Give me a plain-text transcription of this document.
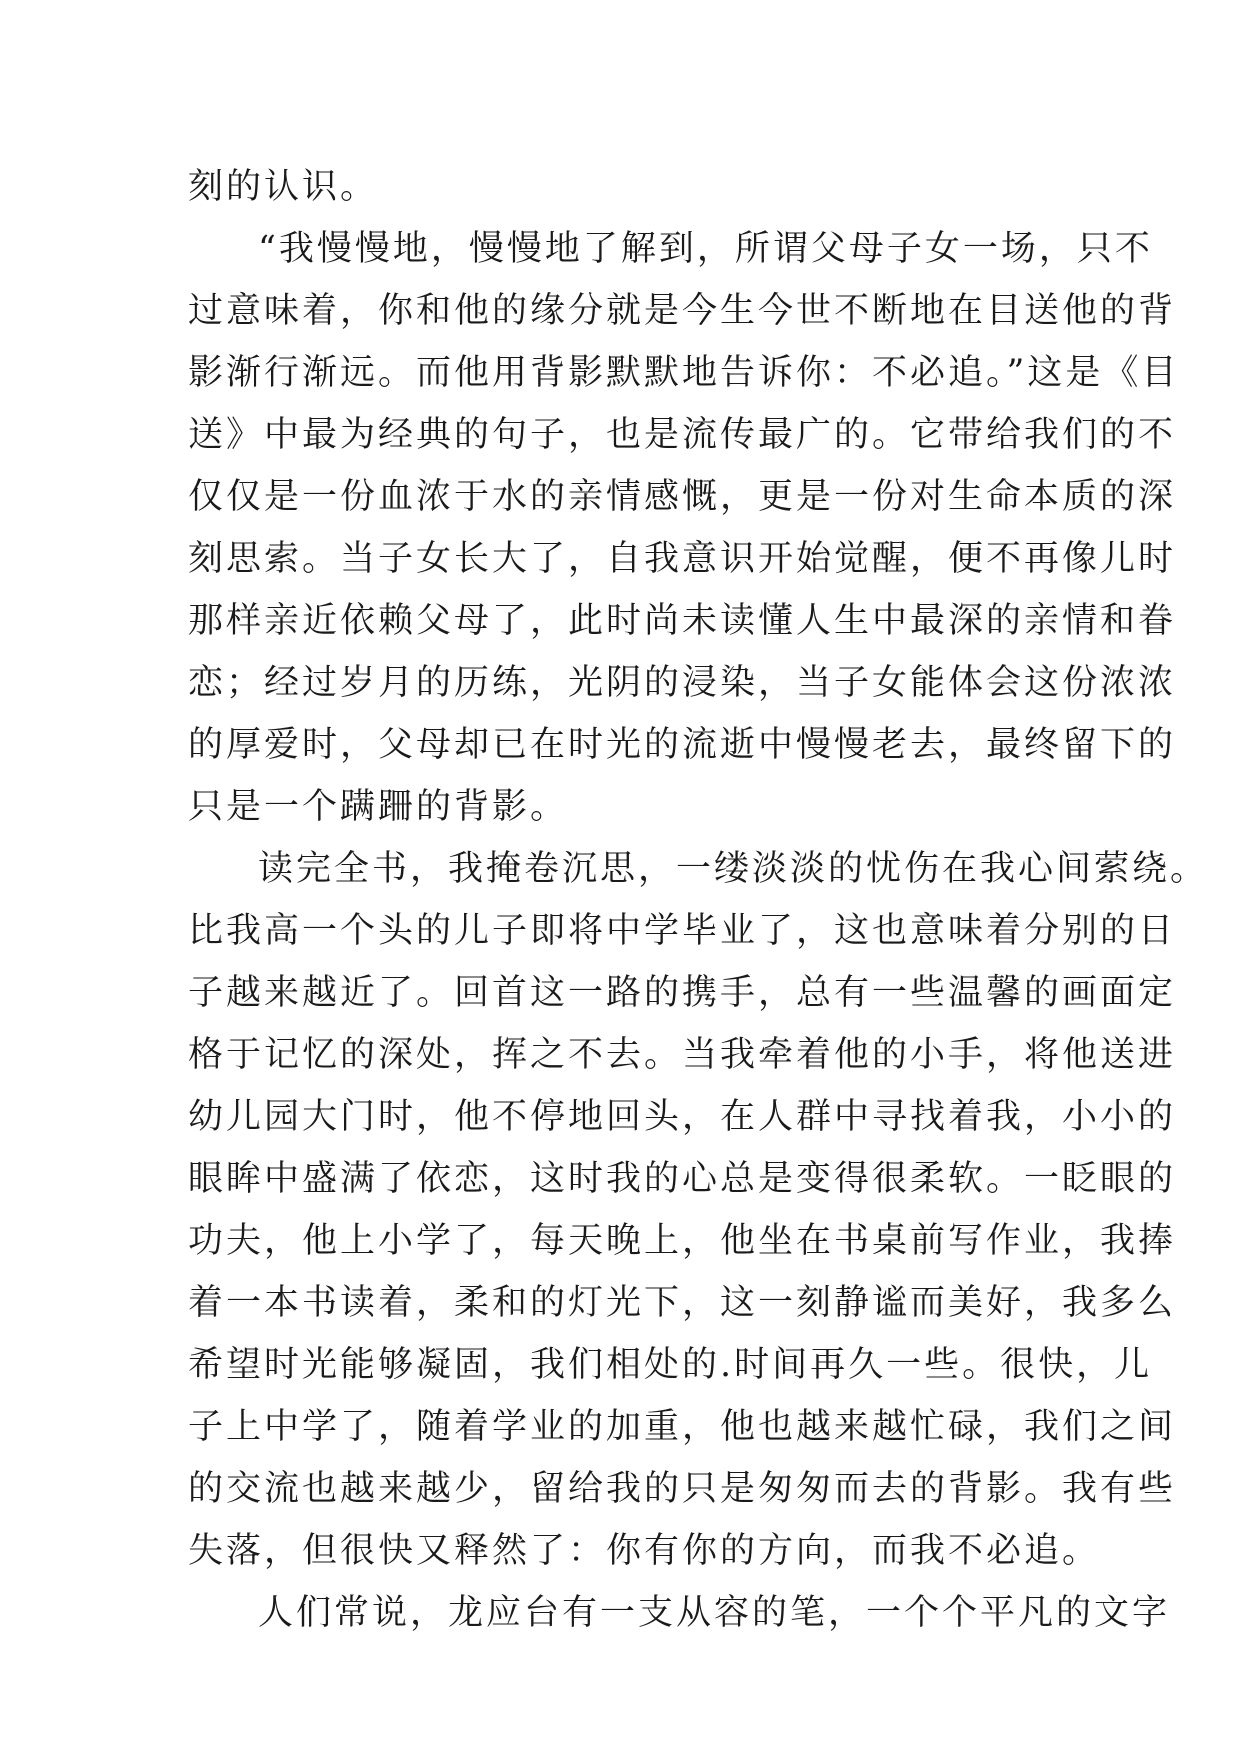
刻的认识。
“我慢慢地，慢慢地了解到，所谓父母子女一场，只不
过意味着，你和他的缘分就是今生今世不断地在目送他的背
影渐行渐远。而他用背影默默地告诉你：不必追。”这是《目
送》中最为经典的句子，也是流传最广的。它带给我们的不
仅仅是一份血浓于水的亲情感慨，更是一份对生命本质的深
刻思索。当子女长大了，自我意识开始觉醒，便不再像儿时
那样亲近依赖父母了，此时尚未读懂人生中最深的亲情和眷
恋；经过岁月的历练，光阴的浸染，当子女能体会这份浓浓
的厚爱时，父母却已在时光的流逝中慢慢老去，最终留下的
只是一个蹒跚的背影。
读完全书，我掩卷沉思，一缕淡淡的忧伤在我心间萦绕。
比我高一个头的儿子即将中学毕业了，这也意味着分别的日
子越来越近了。回首这一路的携手，总有一些温馨的画面定
格于记忆的深处，挥之不去。当我牵着他的小手，将他送进
幼儿园大门时，他不停地回头，在人群中寻找着我，小小的
眼眸中盛满了依恋，这时我的心总是变得很柔软。一眨眼的
功夫，他上小学了，每天晚上，他坐在书桌前写作业，我捧
着一本书读着，柔和的灯光下，这一刻静谧而美好，我多么
希望时光能够凝固，我们相处的.时间再久一些。很快，儿
子上中学了，随着学业的加重，他也越来越忙碌，我们之间
的交流也越来越少，留给我的只是匆匆而去的背影。我有些
失落，但很快又释然了：你有你的方向，而我不必追。
人们常说，龙应台有一支从容的笔，一个个平凡的文字
